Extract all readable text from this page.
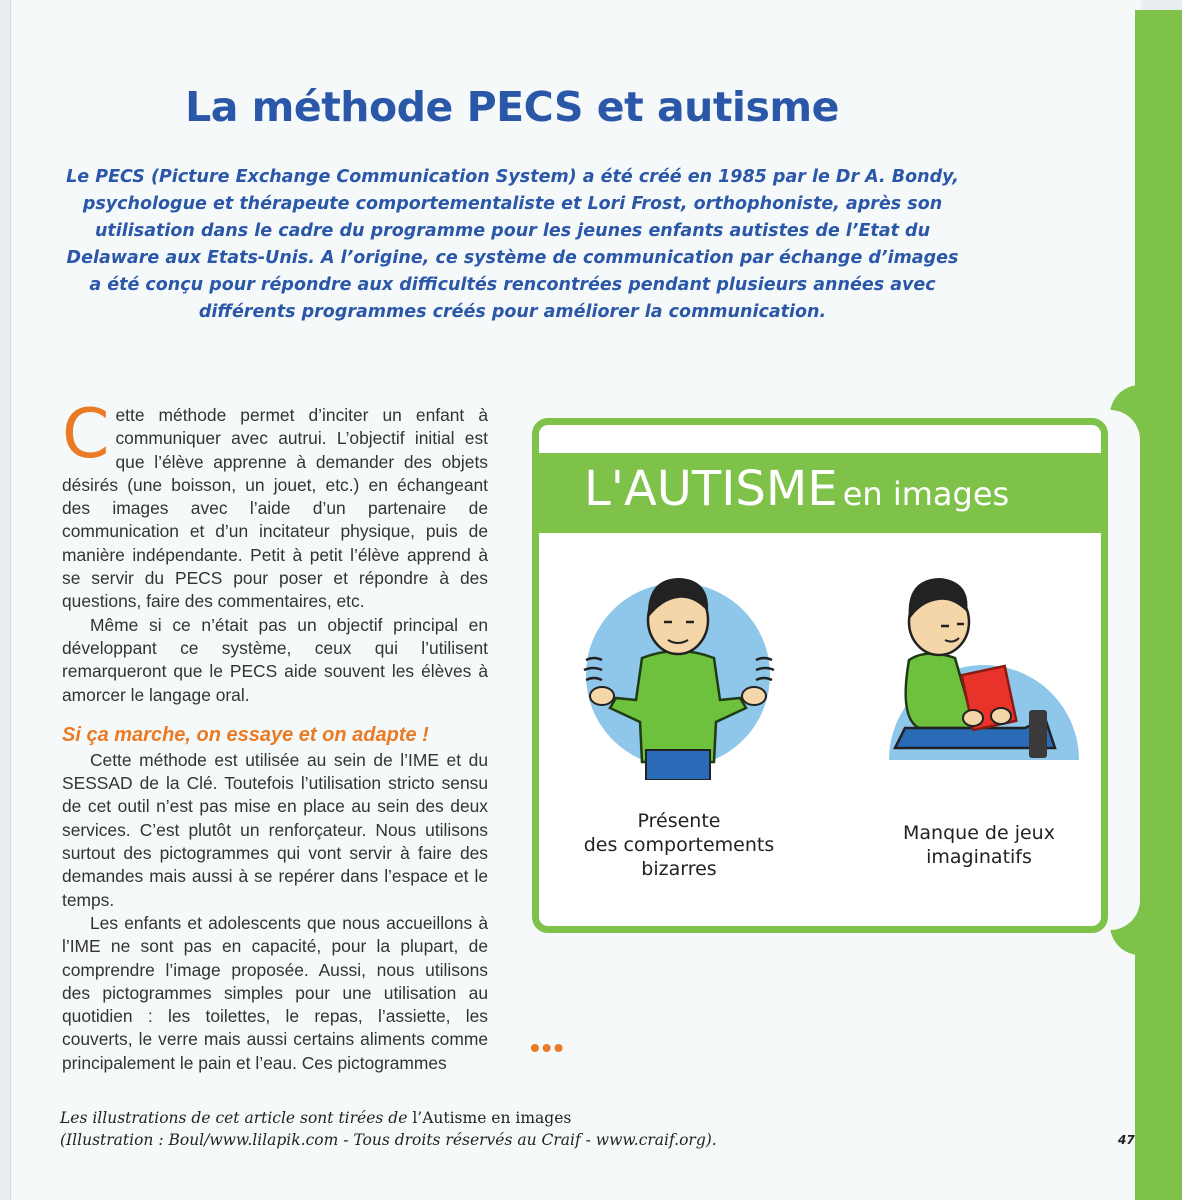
La méthode PECS et autisme
Le PECS (Picture Exchange Communication System) a été créé en 1985 par le Dr A. Bondy, psychologue et thérapeute comportementaliste et Lori Frost, orthophoniste, après son utilisation dans le cadre du programme pour les jeunes enfants autistes de l’Etat du Delaware aux Etats-Unis. A l’origine, ce système de communication par échange d’images a été conçu pour répondre aux difficultés rencontrées pendant plusieurs années avec différents programmes créés pour améliorer la communication.

Cette méthode permet d’inciter un enfant à communiquer avec autrui. L’objectif initial est que l’élève apprenne à demander des objets désirés (une boisson, un jouet, etc.) en échangeant des images avec l’aide d’un partenaire de communication et d’un incitateur physique, puis de manière indépendante. Petit à petit l’élève apprend à se servir du PECS pour poser et répondre à des questions, faire des commentaires, etc.

Même si ce n’était pas un objectif principal en développant ce système, ceux qui l’utilisent remarqueront que le PECS aide souvent les élèves à amorcer le langage oral.

Si ça marche, on essaye et on adapte !

Cette méthode est utilisée au sein de l’IME et du SESSAD de la Clé. Toutefois l’utilisation stricto sensu de cet outil n’est pas mise en place au sein des deux services. C’est plutôt un renforçateur. Nous utilisons surtout des pictogrammes qui vont servir à faire des demandes mais aussi à se repérer dans l’espace et le temps.

Les enfants et adolescents que nous accueillons à l’IME ne sont pas en capacité, pour la plupart, de comprendre l’image proposée. Aussi, nous utilisons des pictogrammes simples pour une utilisation au quotidien : les toilettes, le repas, l’assiette, les couverts, le verre mais aussi certains aliments comme principalement le pain et l’eau. Ces pictogrammes	•••
L'AUTISME en images
Présente
des comportements
bizarres
Manque de jeux
imaginatifs
Les illustrations de cet article sont tirées de l’Autisme en images
(Illustration : Boul/www.lilapik.com - Tous droits réservés au Craif - www.craif.org).	47
